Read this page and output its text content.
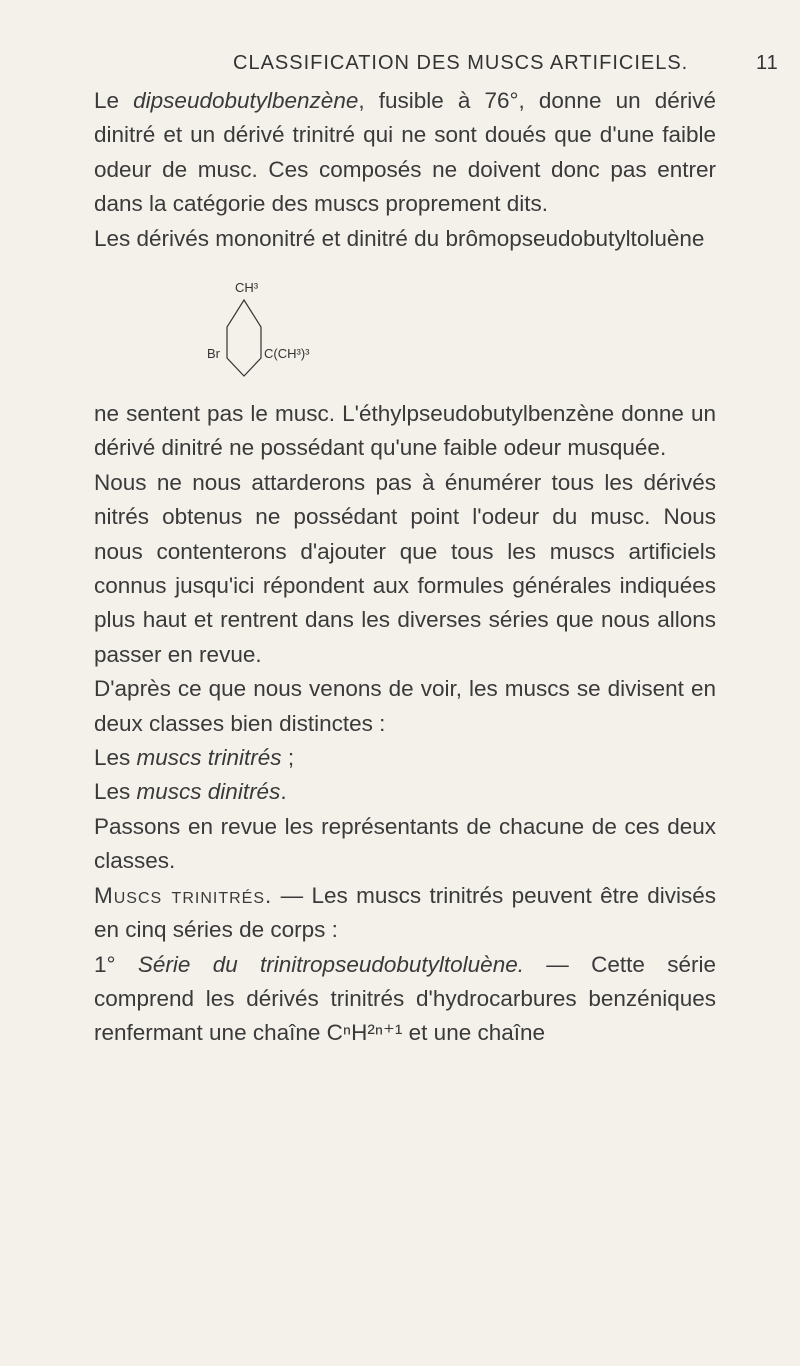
CLASSIFICATION DES MUSCS ARTIFICIELS.	11

Le dipseudobutylbenzène, fusible à 76°, donne un dérivé dinitré et un dérivé trinitré qui ne sont doués que d'une faible odeur de musc. Ces composés ne doivent donc pas entrer dans la catégorie des muscs proprement dits.

Les dérivés mononitré et dinitré du brômopseudobutyltoluène

CH³
Br	C(CH³)³

ne sentent pas le musc. L'éthylpseudobutylbenzène donne un dérivé dinitré ne possédant qu'une faible odeur musquée.

Nous ne nous attarderons pas à énumérer tous les dérivés nitrés obtenus ne possédant point l'odeur du musc. Nous nous contenterons d'ajouter que tous les muscs artificiels connus jusqu'ici répondent aux formules générales indiquées plus haut et rentrent dans les diverses séries que nous allons passer en revue.

D'après ce que nous venons de voir, les muscs se divisent en deux classes bien distinctes :

Les muscs trinitrés ;

Les muscs dinitrés.

Passons en revue les représentants de chacune de ces deux classes.

Muscs trinitrés. — Les muscs trinitrés peuvent être divisés en cinq séries de corps :

1° Série du trinitropseudobutyltoluène. — Cette série comprend les dérivés trinitrés d'hydrocarbures benzéniques renfermant une chaîne CⁿH²ⁿ⁺¹ et une chaîne
